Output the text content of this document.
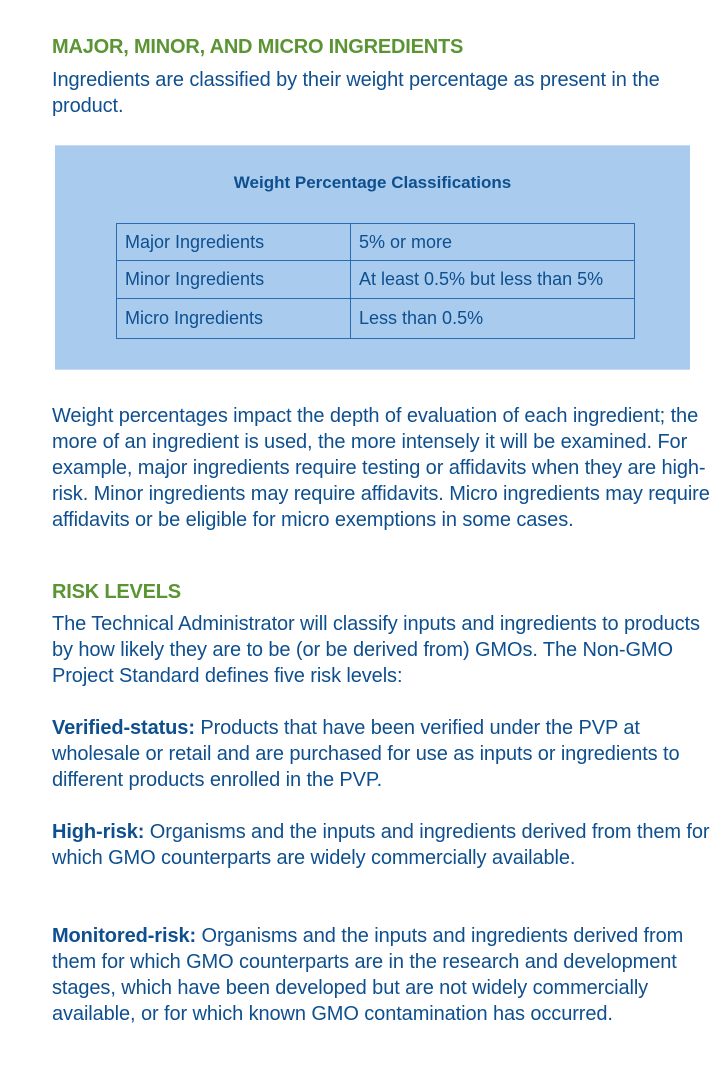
MAJOR, MINOR, AND MICRO INGREDIENTS

Ingredients are classified by their weight percentage as present in the product.

Weight Percentage Classifications
Major Ingredients	5% or more
Minor Ingredients	At least 0.5% but less than 5%
Micro Ingredients	Less than 0.5%

Weight percentages impact the depth of evaluation of each ingredient; the more of an ingredient is used, the more intensely it will be examined. For example, major ingredients require testing or affidavits when they are high-risk. Minor ingredients may require affidavits. Micro ingredients may require affidavits or be eligible for micro exemptions in some cases.

RISK LEVELS

The Technical Administrator will classify inputs and ingredients to products by how likely they are to be (or be derived from) GMOs. The Non-GMO Project Standard defines five risk levels:

Verified-status: Products that have been verified under the PVP at wholesale or retail and are purchased for use as inputs or ingredients to different products enrolled in the PVP.

High-risk: Organisms and the inputs and ingredients derived from them for which GMO counterparts are widely commercially available.

Monitored-risk: Organisms and the inputs and ingredients derived from them for which GMO counterparts are in the research and development stages, which have been developed but are not widely commercially available, or for which known GMO contamination has occurred.
